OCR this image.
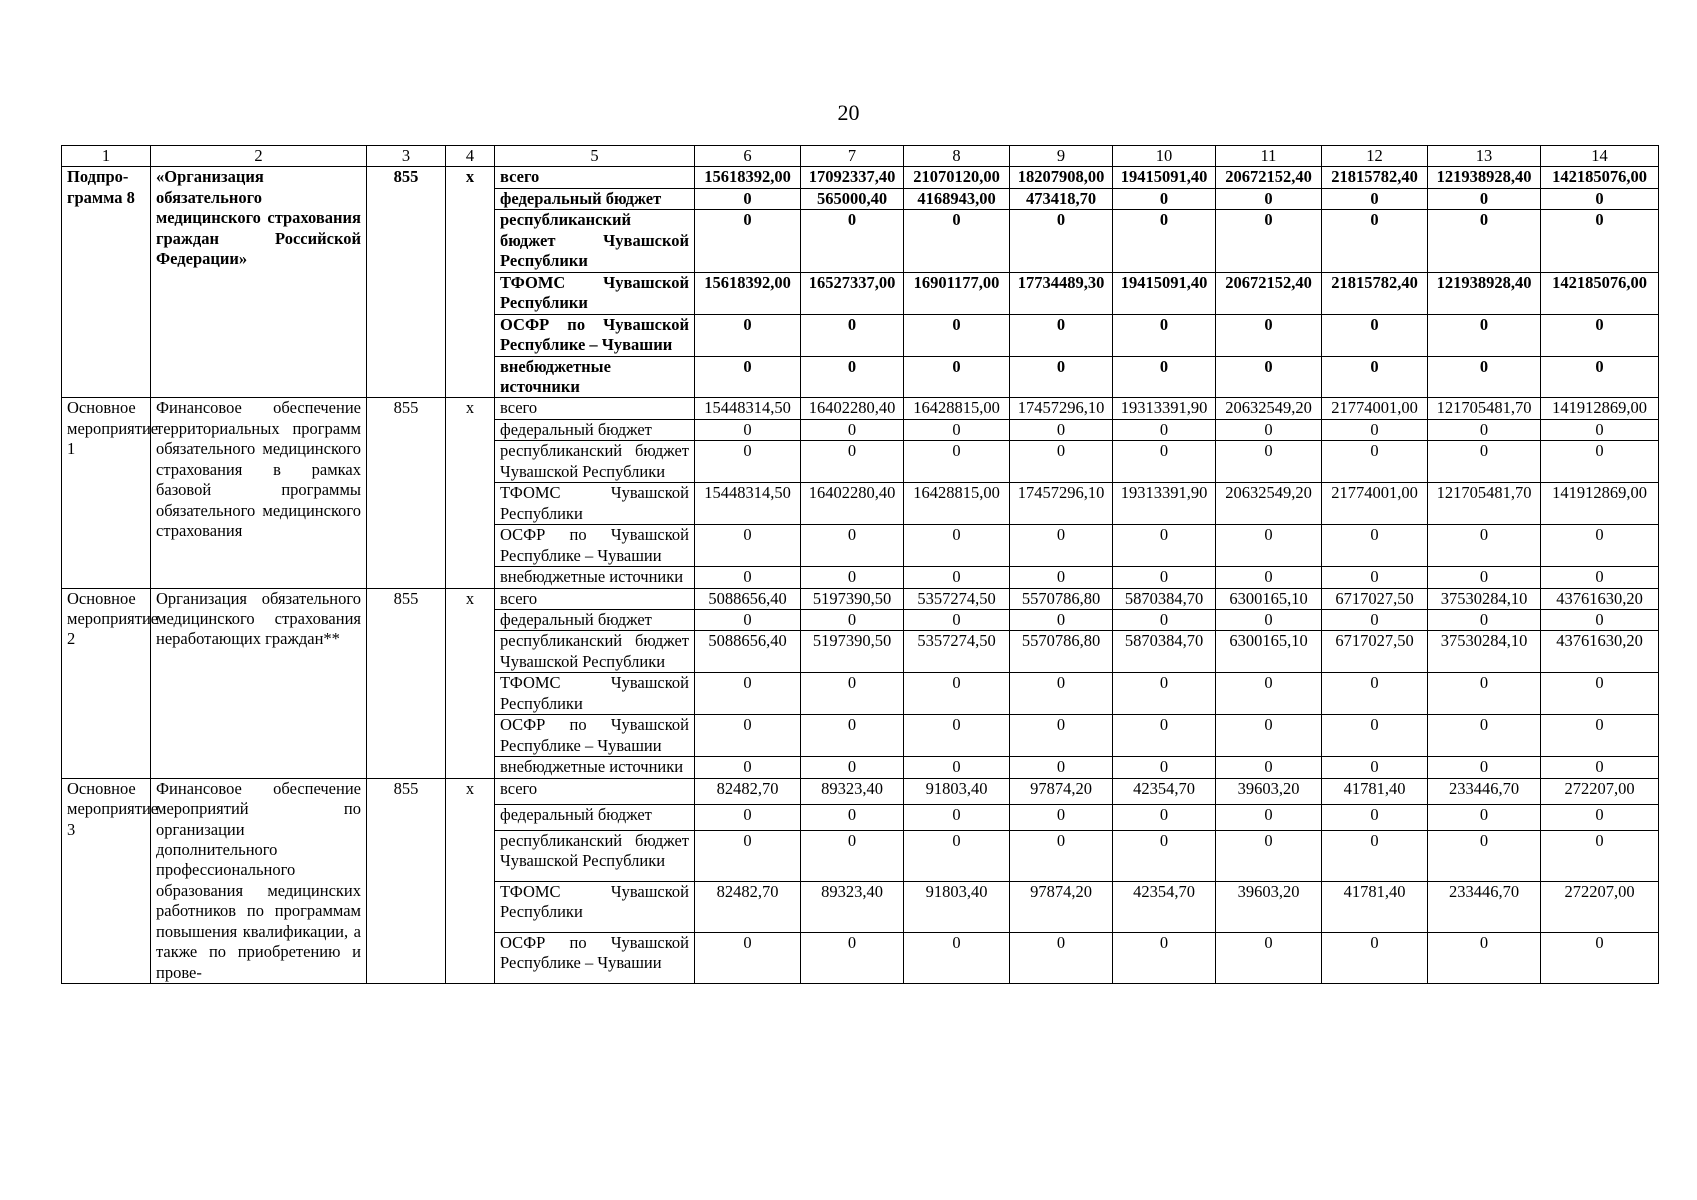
20
1	2	3	4	5	6	7	8	9	10	11	12	13	14
Подпро-грамма 8	«Организация обязательного медицинского страхования граждан Российской Федерации»	855	x	всего	15618392,00	17092337,40	21070120,00	18207908,00	19415091,40	20672152,40	21815782,40	121938928,40	142185076,00
				федеральный бюджет	0	565000,40	4168943,00	473418,70	0	0	0	0	0
				республиканский бюджет Чувашской Республики	0	0	0	0	0	0	0	0	0
				ТФОМС Чувашской Республики	15618392,00	16527337,00	16901177,00	17734489,30	19415091,40	20672152,40	21815782,40	121938928,40	142185076,00
				ОСФР по Чувашской Республике – Чувашии	0	0	0	0	0	0	0	0	0
				внебюджетные источники	0	0	0	0	0	0	0	0	0
Основное мероприятие 1	Финансовое обеспечение территориальных программ обязательного медицинского страхования в рамках базовой программы обязательного медицинского страхования	855	x	всего	15448314,50	16402280,40	16428815,00	17457296,10	19313391,90	20632549,20	21774001,00	121705481,70	141912869,00
				федеральный бюджет	0	0	0	0	0	0	0	0	0
				республиканский бюджет Чувашской Республики	0	0	0	0	0	0	0	0	0
				ТФОМС Чувашской Республики	15448314,50	16402280,40	16428815,00	17457296,10	19313391,90	20632549,20	21774001,00	121705481,70	141912869,00
				ОСФР по Чувашской Республике – Чувашии	0	0	0	0	0	0	0	0	0
				внебюджетные источники	0	0	0	0	0	0	0	0	0
Основное мероприятие 2	Организация обязательного медицинского страхования неработающих граждан**	855	x	всего	5088656,40	5197390,50	5357274,50	5570786,80	5870384,70	6300165,10	6717027,50	37530284,10	43761630,20
				федеральный бюджет	0	0	0	0	0	0	0	0	0
				республиканский бюджет Чувашской Республики	5088656,40	5197390,50	5357274,50	5570786,80	5870384,70	6300165,10	6717027,50	37530284,10	43761630,20
				ТФОМС Чувашской Республики	0	0	0	0	0	0	0	0	0
				ОСФР по Чувашской Республике – Чувашии	0	0	0	0	0	0	0	0	0
				внебюджетные источники	0	0	0	0	0	0	0	0	0
Основное мероприятие 3	Финансовое обеспечение мероприятий по организации дополнительного профессионального образования медицинских работников по программам повышения квалификации, а также по приобретению и прове-	855	x	всего	82482,70	89323,40	91803,40	97874,20	42354,70	39603,20	41781,40	233446,70	272207,00
				федеральный бюджет	0	0	0	0	0	0	0	0	0
				республиканский бюджет Чувашской Республики	0	0	0	0	0	0	0	0	0
				ТФОМС Чувашской Республики	82482,70	89323,40	91803,40	97874,20	42354,70	39603,20	41781,40	233446,70	272207,00
				ОСФР по Чувашской Республике – Чувашии	0	0	0	0	0	0	0	0	0
